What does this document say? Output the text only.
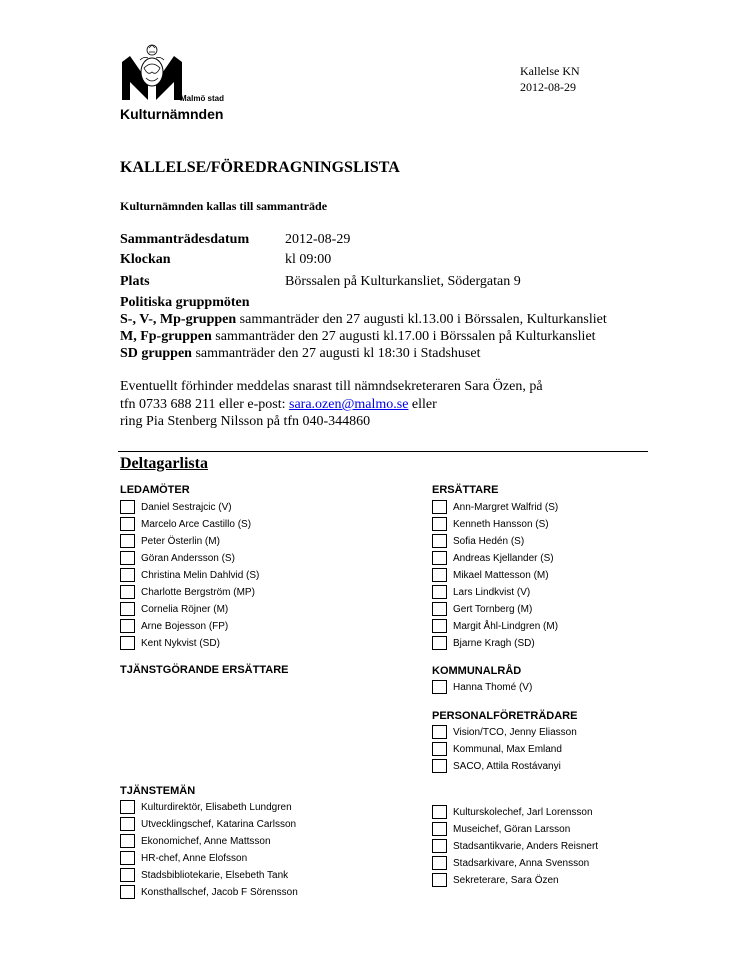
Malmö stad
Kulturnämnden
Kallelse KN
2012-08-29
KALLELSE/FÖREDRAGNINGSLISTA
Kulturnämnden kallas till sammanträde
Sammanträdesdatum	2012-08-29
Klockan	kl 09:00
Plats	Börssalen på Kulturkansliet, Södergatan 9
Politiska gruppmöten
S-, V-, Mp-gruppen sammanträder den 27 augusti kl.13.00 i Börssalen, Kulturkansliet
M, Fp-gruppen sammanträder den 27 augusti kl.17.00 i Börssalen på Kulturkansliet
SD gruppen sammanträder den 27 augusti kl 18:30 i Stadshuset
Eventuellt förhinder meddelas snarast till nämndsekreteraren Sara Özen, på
tfn 0733 688 211 eller e-post: sara.ozen@malmo.se eller
ring Pia Stenberg Nilsson på tfn 040-344860
Deltagarlista
LEDAMÖTER	ERSÄTTARE
TJÄNSTGÖRANDE ERSÄTTARE	KOMMUNALRÅD
PERSONALFÖRETRÄDARE
TJÄNSTEMÄN
Daniel Sestrajcic (V)
Marcelo Arce Castillo (S)
Peter Österlin (M)
Göran Andersson (S)
Christina Melin Dahlvid (S)
Charlotte Bergström (MP)
Cornelia Röjner (M)
Arne Bojesson (FP)
Kent Nykvist (SD)
Ann-Margret Walfrid (S)
Kenneth Hansson (S)
Sofia Hedén (S)
Andreas Kjellander (S)
Mikael Mattesson (M)
Lars Lindkvist (V)
Gert Tornberg (M)
Margit Åhl-Lindgren (M)
Bjarne Kragh (SD)
Hanna Thomé (V)
Vision/TCO, Jenny Eliasson
Kommunal, Max Emland
SACO, Attila Rostávanyi
Kulturdirektör, Elisabeth Lundgren
Utvecklingschef, Katarina Carlsson
Ekonomichef, Anne Mattsson
HR-chef, Anne Elofsson
Stadsbibliotekarie, Elsebeth Tank
Konsthallschef, Jacob F Sörensson
Kulturskolechef, Jarl Lorensson
Museichef, Göran Larsson
Stadsantikvarie, Anders Reisnert
Stadsarkivare, Anna Svensson
Sekreterare, Sara Özen
